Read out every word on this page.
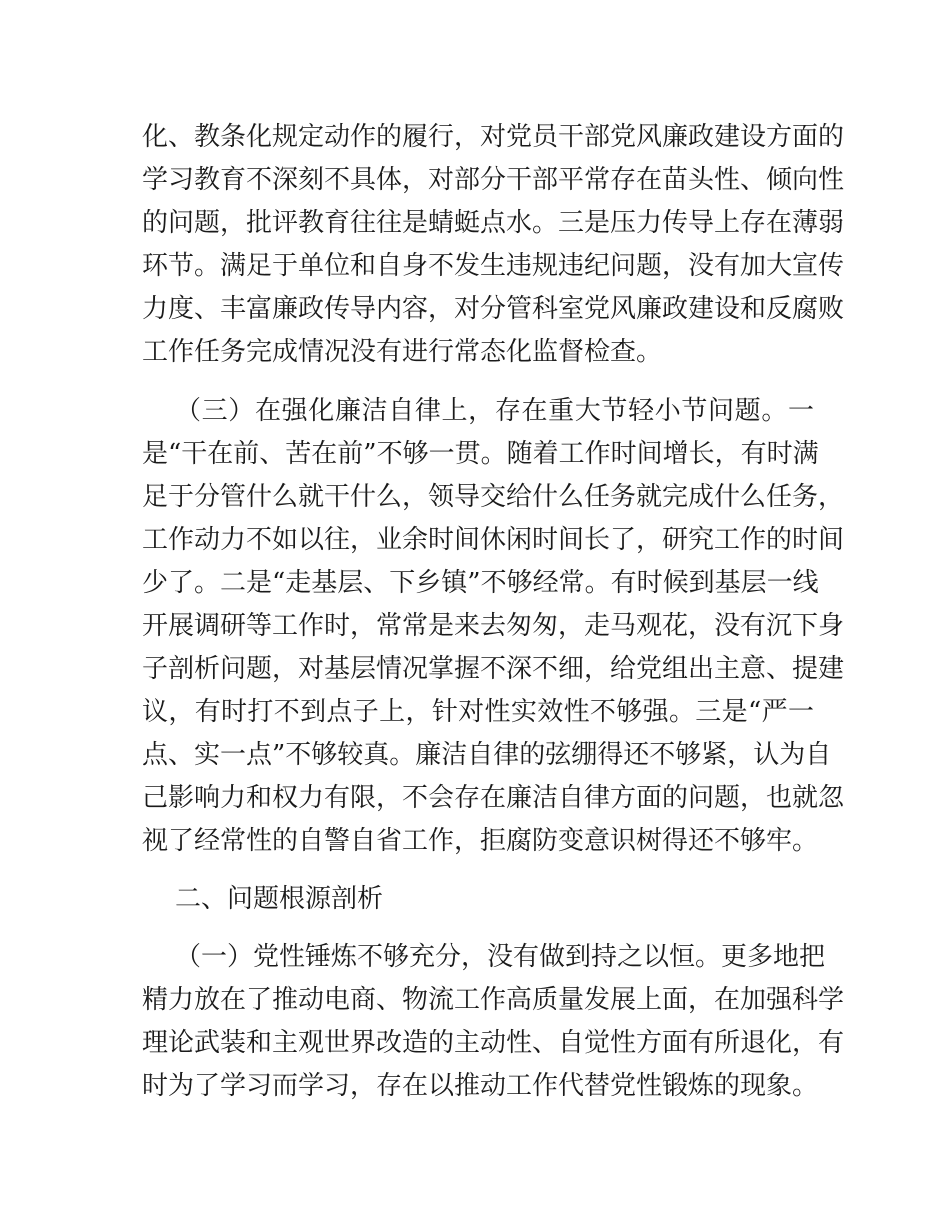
化、教条化规定动作的履行，对党员干部党风廉政建设方面的
学习教育不深刻不具体，对部分干部平常存在苗头性、倾向性
的问题，批评教育往往是蜻蜓点水。三是压力传导上存在薄弱
环节。满足于单位和自身不发生违规违纪问题，没有加大宣传
力度、丰富廉政传导内容，对分管科室党风廉政建设和反腐败
工作任务完成情况没有进行常态化监督检查。
（三）在强化廉洁自律上，存在重大节轻小节问题。一
是“干在前、苦在前”不够一贯。随着工作时间增长，有时满
足于分管什么就干什么，领导交给什么任务就完成什么任务，
工作动力不如以往，业余时间休闲时间长了，研究工作的时间
少了。二是“走基层、下乡镇”不够经常。有时候到基层一线
开展调研等工作时，常常是来去匆匆，走马观花，没有沉下身
子剖析问题，对基层情况掌握不深不细，给党组出主意、提建
议，有时打不到点子上，针对性实效性不够强。三是“严一
点、实一点”不够较真。廉洁自律的弦绷得还不够紧，认为自
己影响力和权力有限，不会存在廉洁自律方面的问题，也就忽
视了经常性的自警自省工作，拒腐防变意识树得还不够牢。
二、问题根源剖析
（一）党性锤炼不够充分，没有做到持之以恒。更多地把
精力放在了推动电商、物流工作高质量发展上面，在加强科学
理论武装和主观世界改造的主动性、自觉性方面有所退化，有
时为了学习而学习，存在以推动工作代替党性锻炼的现象。
